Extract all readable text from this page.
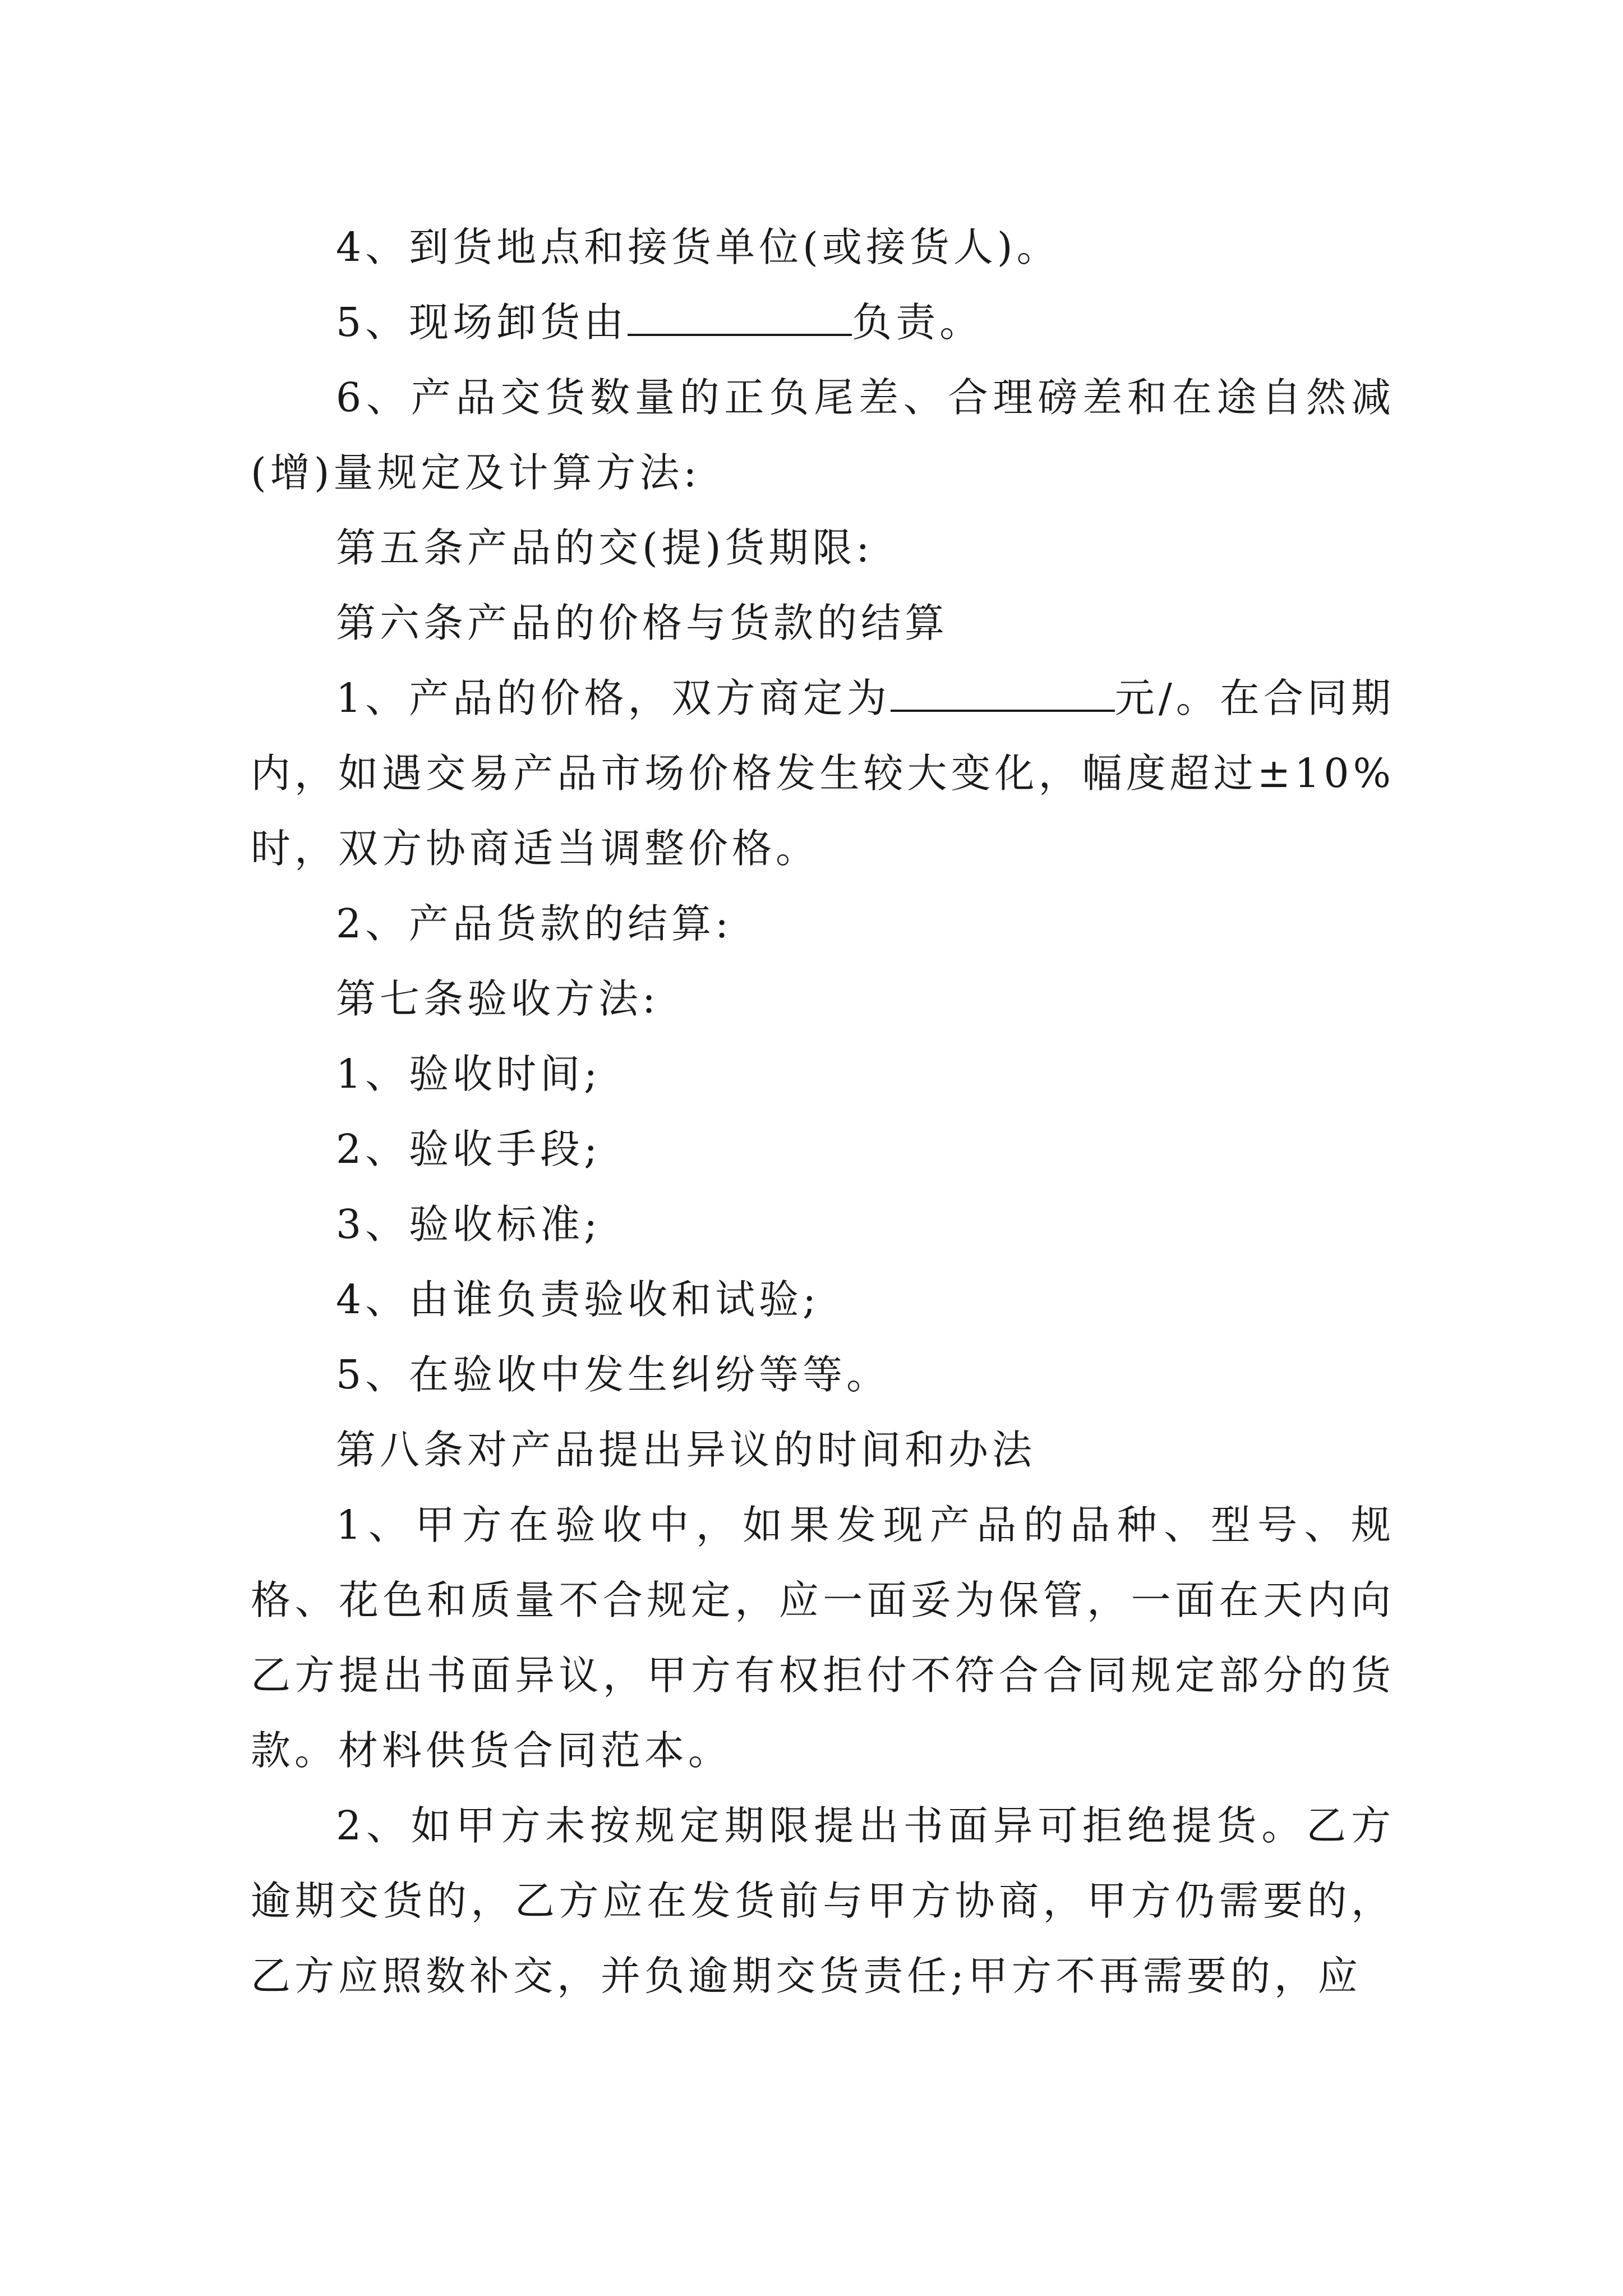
4、到货地点和接货单位(或接货人)。

5、现场卸货由	负责。

6、产品交货数量的正负尾差、合理磅差和在途自然减(增)量规定及计算方法:

第五条产品的交(提)货期限:

第六条产品的价格与货款的结算

1、产品的价格，双方商定为	元/。在合同期内，如遇交易产品市场价格发生较大变化，幅度超过±10%时，双方协商适当调整价格。

2、产品货款的结算:

第七条验收方法:

1、验收时间;

2、验收手段;

3、验收标准;

4、由谁负责验收和试验;

5、在验收中发生纠纷等等。

第八条对产品提出异议的时间和办法

1、甲方在验收中，如果发现产品的品种、型号、规格、花色和质量不合规定，应一面妥为保管，一面在天内向乙方提出书面异议，甲方有权拒付不符合合同规定部分的货款。材料供货合同范本。

2、如甲方未按规定期限提出书面异可拒绝提货。乙方逾期交货的，乙方应在发货前与甲方协商，甲方仍需要的，乙方应照数补交，并负逾期交货责任;甲方不再需要的，应
